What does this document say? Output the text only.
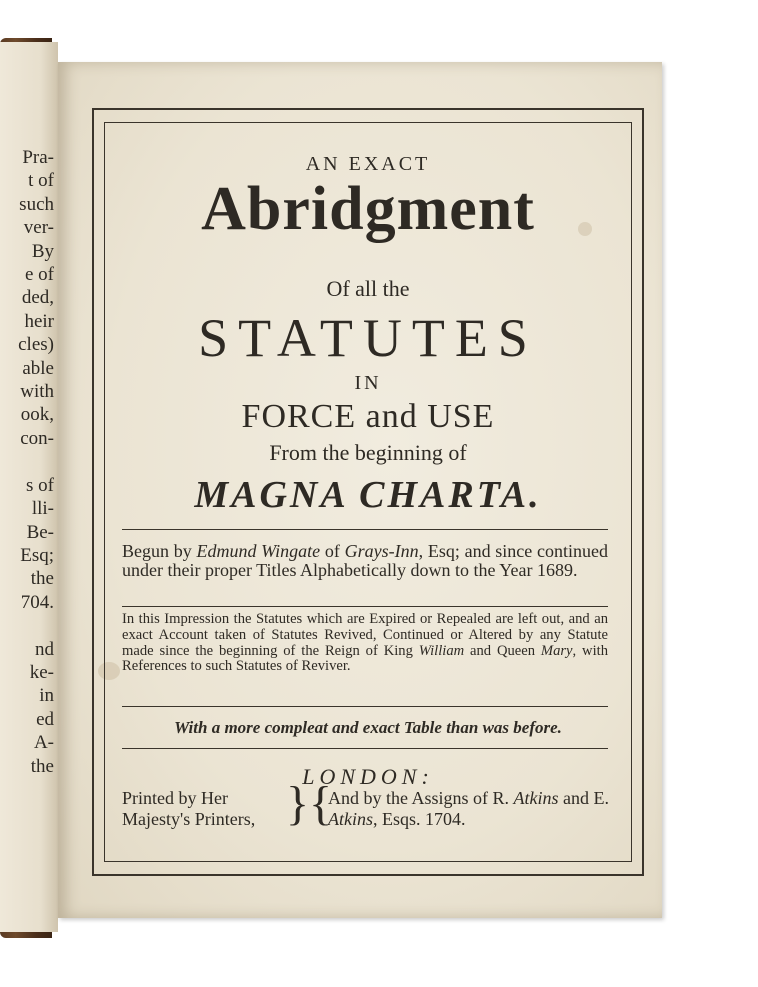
Pra-
t of
such
ver-
By
e of
ded,
heir
cles)
able
with
ook,
con-

s of
lli-
Be-
Esq;
the
704.

nd
ke-
in
ed
A-
the

AN EXACT

Abridgment

Of all the

STATUTES

IN

FORCE and USE

From the beginning of

MAGNA CHARTA.

Begun by Edmund Wingate of Grays-Inn, Esq; and since continued under their proper Titles Alphabetically down to the Year 1689.

In this Impression the Statutes which are Expired or Repealed are left out, and an exact Account taken of Statutes Revived, Continued or Altered by any Statute made since the beginning of the Reign of King William and Queen Mary, with References to such Statutes of Reviver.

With a more compleat and exact Table than was before.

LONDON:

Printed by Her Majesty's Printers, }{

And by the Assigns of R. Atkins and E. Atkins, Esqs. 1704.
